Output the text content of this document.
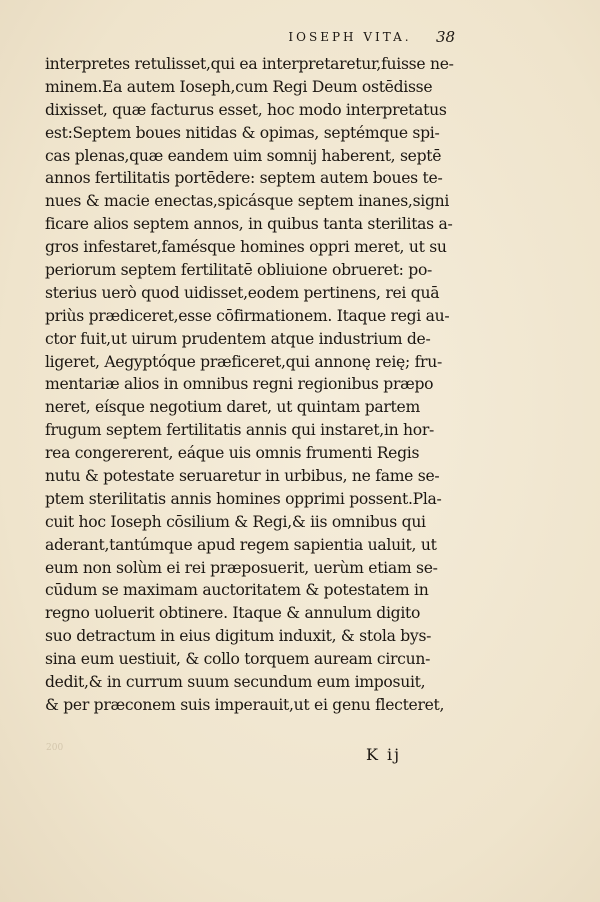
IOSEPH VITA.	38
interpretes retulisset,qui ea interpretaretur,fuisse ne-
minem.Ea autem Ioseph,cum Regi Deum ostēdisse
dixisset, quæ facturus esset, hoc modo interpretatus
est:Septem boues nitidas & opimas, septémque spi-
cas plenas,quæ eandem uim somnij haberent, septē
annos fertilitatis portēdere: septem autem boues te-
nues & macie enectas,spicásque septem inanes,signi
ficare alios septem annos, in quibus tanta sterilitas a-
gros infestaret,famésque homines oppri meret, ut su
periorum septem fertilitatē obliuione obrueret: po-
sterius uerò quod uidisset,eodem pertinens, rei quā
priùs prædiceret,esse cōfirmationem. Itaque regi au-
ctor fuit,ut uirum prudentem atque industrium de-
ligeret, Aegyptóque præficeret,qui annonę reię; fru-
mentariæ alios in omnibus regni regionibus præpo
neret, eísque negotium daret, ut quintam partem
frugum septem fertilitatis annis qui instaret,in hor-
rea congererent, eáque uis omnis frumenti Regis
nutu & potestate seruaretur in urbibus, ne fame se-
ptem sterilitatis annis homines opprimi possent.Pla-
cuit hoc Ioseph cōsilium & Regi,& iis omnibus qui
aderant,tantúmque apud regem sapientia ualuit, ut
eum non solùm ei rei præposuerit, uerùm etiam se-
cūdum se maximam auctoritatem & potestatem in
regno uoluerit obtinere. Itaque & annulum digito
suo detractum in eius digitum induxit, & stola bys-
sina eum uestiuit, & collo torquem auream circun-
dedit,& in currum suum secundum eum imposuit,
& per præconem suis imperauit,ut ei genu flecteret,
200	K ij
